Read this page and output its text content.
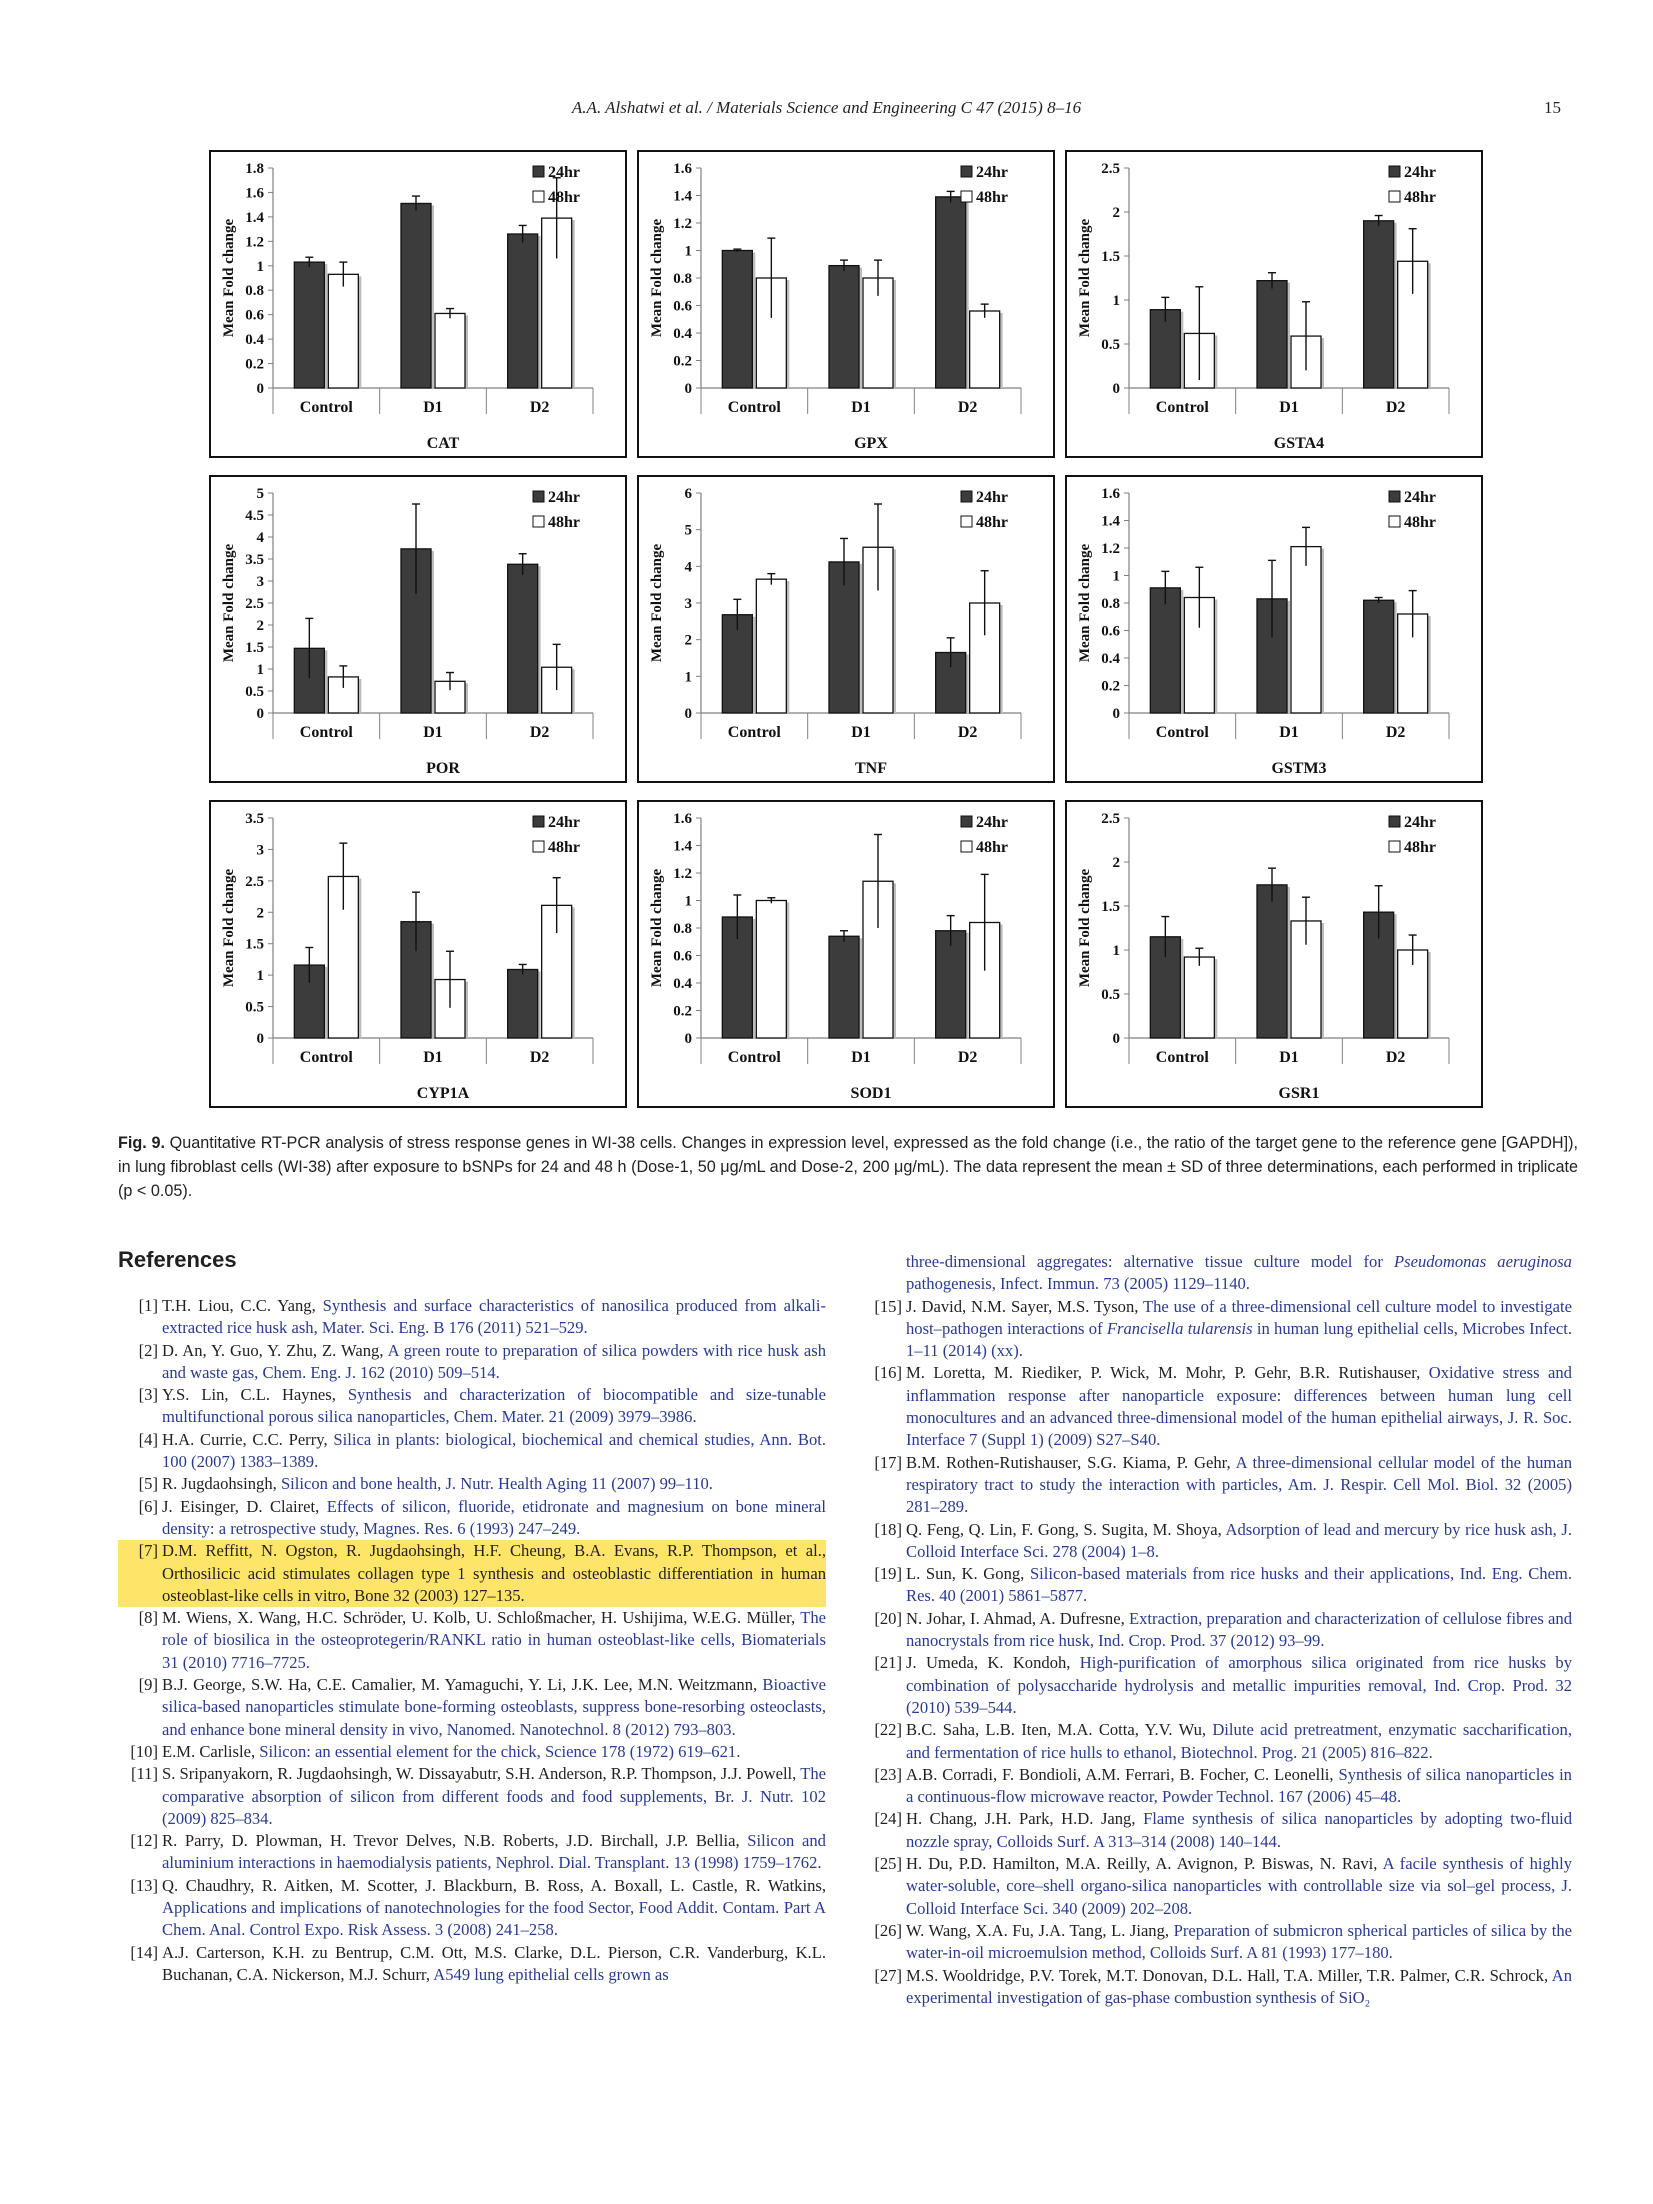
A.A. Alshatwi et al. / Materials Science and Engineering C 47 (2015) 8–16	15
0
0.2
0.4
0.6
0.8
1
1.2
1.4
1.6
1.8
Mean Fold change
Control	D1	D2
CAT
24hr
48hr
0
0.2
0.4
0.6
0.8
1
1.2
1.4
1.6
Mean Fold change
Control	D1	D2
GPX
24hr
48hr
0
0.5
1
1.5
2
2.5
Mean Fold change
Control	D1	D2
GSTA4
24hr
48hr
0
0.5
1
1.5
2
2.5
3
3.5
4
4.5
5
Mean Fold change
Control	D1	D2
POR
24hr
48hr
0
1
2
3
4
5
6
Mean Fold change
Control	D1	D2
TNF
24hr
48hr
0
0.2
0.4
0.6
0.8
1
1.2
1.4
1.6
Mean Fold change
Control	D1	D2
GSTM3
24hr
48hr
0
0.5
1
1.5
2
2.5
3
3.5
Mean Fold change
Control	D1	D2
CYP1A
24hr
48hr
0
0.2
0.4
0.6
0.8
1
1.2
1.4
1.6
Mean Fold change
Control	D1	D2
SOD1
24hr
48hr
0
0.5
1
1.5
2
2.5
Mean Fold change
Control	D1	D2
GSR1
24hr
48hr
Fig. 9. Quantitative RT-PCR analysis of stress response genes in WI-38 cells. Changes in expression level, expressed as the fold change (i.e., the ratio of the target gene to the reference gene [GAPDH]), in lung fibroblast cells (WI-38) after exposure to bSNPs for 24 and 48 h (Dose-1, 50 μg/mL and Dose-2, 200 μg/mL). The data represent the mean ± SD of three determinations, each performed in triplicate (p < 0.05).
References

[1] T.H. Liou, C.C. Yang, Synthesis and surface characteristics of nanosilica produced from alkali-extracted rice husk ash, Mater. Sci. Eng. B 176 (2011) 521–529.

[2] D. An, Y. Guo, Y. Zhu, Z. Wang, A green route to preparation of silica powders with rice husk ash and waste gas, Chem. Eng. J. 162 (2010) 509–514.

[3] Y.S. Lin, C.L. Haynes, Synthesis and characterization of biocompatible and size-tunable multifunctional porous silica nanoparticles, Chem. Mater. 21 (2009) 3979–3986.

[4] H.A. Currie, C.C. Perry, Silica in plants: biological, biochemical and chemical studies, Ann. Bot. 100 (2007) 1383–1389.

[5] R. Jugdaohsingh, Silicon and bone health, J. Nutr. Health Aging 11 (2007) 99–110.

[6] J. Eisinger, D. Clairet, Effects of silicon, fluoride, etidronate and magnesium on bone mineral density: a retrospective study, Magnes. Res. 6 (1993) 247–249.

[7] D.M. Reffitt, N. Ogston, R. Jugdaohsingh, H.F. Cheung, B.A. Evans, R.P. Thompson, et al., Orthosilicic acid stimulates collagen type 1 synthesis and osteoblastic differentiation in human osteoblast-like cells in vitro, Bone 32 (2003) 127–135.

[8] M. Wiens, X. Wang, H.C. Schröder, U. Kolb, U. Schloßmacher, H. Ushijima, W.E.G. Müller, The role of biosilica in the osteoprotegerin/RANKL ratio in human osteoblast-like cells, Biomaterials 31 (2010) 7716–7725.

[9] B.J. George, S.W. Ha, C.E. Camalier, M. Yamaguchi, Y. Li, J.K. Lee, M.N. Weitzmann, Bioactive silica-based nanoparticles stimulate bone-forming osteoblasts, suppress bone-resorbing osteoclasts, and enhance bone mineral density in vivo, Nanomed. Nanotechnol. 8 (2012) 793–803.

[10] E.M. Carlisle, Silicon: an essential element for the chick, Science 178 (1972) 619–621.

[11] S. Sripanyakorn, R. Jugdaohsingh, W. Dissayabutr, S.H. Anderson, R.P. Thompson, J.J. Powell, The comparative absorption of silicon from different foods and food supplements, Br. J. Nutr. 102 (2009) 825–834.

[12] R. Parry, D. Plowman, H. Trevor Delves, N.B. Roberts, J.D. Birchall, J.P. Bellia, Silicon and aluminium interactions in haemodialysis patients, Nephrol. Dial. Transplant. 13 (1998) 1759–1762.

[13] Q. Chaudhry, R. Aitken, M. Scotter, J. Blackburn, B. Ross, A. Boxall, L. Castle, R. Watkins, Applications and implications of nanotechnologies for the food Sector, Food Addit. Contam. Part A Chem. Anal. Control Expo. Risk Assess. 3 (2008) 241–258.

[14] A.J. Carterson, K.H. zu Bentrup, C.M. Ott, M.S. Clarke, D.L. Pierson, C.R. Vanderburg, K.L. Buchanan, C.A. Nickerson, M.J. Schurr, A549 lung epithelial cells grown as

three-dimensional aggregates: alternative tissue culture model for Pseudomonas aeruginosa pathogenesis, Infect. Immun. 73 (2005) 1129–1140.

[15] J. David, N.M. Sayer, M.S. Tyson, The use of a three-dimensional cell culture model to investigate host–pathogen interactions of Francisella tularensis in human lung epithelial cells, Microbes Infect. 1–11 (2014) (xx).

[16] M. Loretta, M. Riediker, P. Wick, M. Mohr, P. Gehr, B.R. Rutishauser, Oxidative stress and inflammation response after nanoparticle exposure: differences between human lung cell monocultures and an advanced three-dimensional model of the human epithelial airways, J. R. Soc. Interface 7 (Suppl 1) (2009) S27–S40.

[17] B.M. Rothen-Rutishauser, S.G. Kiama, P. Gehr, A three-dimensional cellular model of the human respiratory tract to study the interaction with particles, Am. J. Respir. Cell Mol. Biol. 32 (2005) 281–289.

[18] Q. Feng, Q. Lin, F. Gong, S. Sugita, M. Shoya, Adsorption of lead and mercury by rice husk ash, J. Colloid Interface Sci. 278 (2004) 1–8.

[19] L. Sun, K. Gong, Silicon-based materials from rice husks and their applications, Ind. Eng. Chem. Res. 40 (2001) 5861–5877.

[20] N. Johar, I. Ahmad, A. Dufresne, Extraction, preparation and characterization of cellulose fibres and nanocrystals from rice husk, Ind. Crop. Prod. 37 (2012) 93–99.

[21] J. Umeda, K. Kondoh, High-purification of amorphous silica originated from rice husks by combination of polysaccharide hydrolysis and metallic impurities removal, Ind. Crop. Prod. 32 (2010) 539–544.

[22] B.C. Saha, L.B. Iten, M.A. Cotta, Y.V. Wu, Dilute acid pretreatment, enzymatic saccharification, and fermentation of rice hulls to ethanol, Biotechnol. Prog. 21 (2005) 816–822.

[23] A.B. Corradi, F. Bondioli, A.M. Ferrari, B. Focher, C. Leonelli, Synthesis of silica nanoparticles in a continuous-flow microwave reactor, Powder Technol. 167 (2006) 45–48.

[24] H. Chang, J.H. Park, H.D. Jang, Flame synthesis of silica nanoparticles by adopting two-fluid nozzle spray, Colloids Surf. A 313–314 (2008) 140–144.

[25] H. Du, P.D. Hamilton, M.A. Reilly, A. Avignon, P. Biswas, N. Ravi, A facile synthesis of highly water-soluble, core–shell organo-silica nanoparticles with controllable size via sol–gel process, J. Colloid Interface Sci. 340 (2009) 202–208.

[26] W. Wang, X.A. Fu, J.A. Tang, L. Jiang, Preparation of submicron spherical particles of silica by the water-in-oil microemulsion method, Colloids Surf. A 81 (1993) 177–180.

[27] M.S. Wooldridge, P.V. Torek, M.T. Donovan, D.L. Hall, T.A. Miller, T.R. Palmer, C.R. Schrock, An experimental investigation of gas-phase combustion synthesis of SiO₂
